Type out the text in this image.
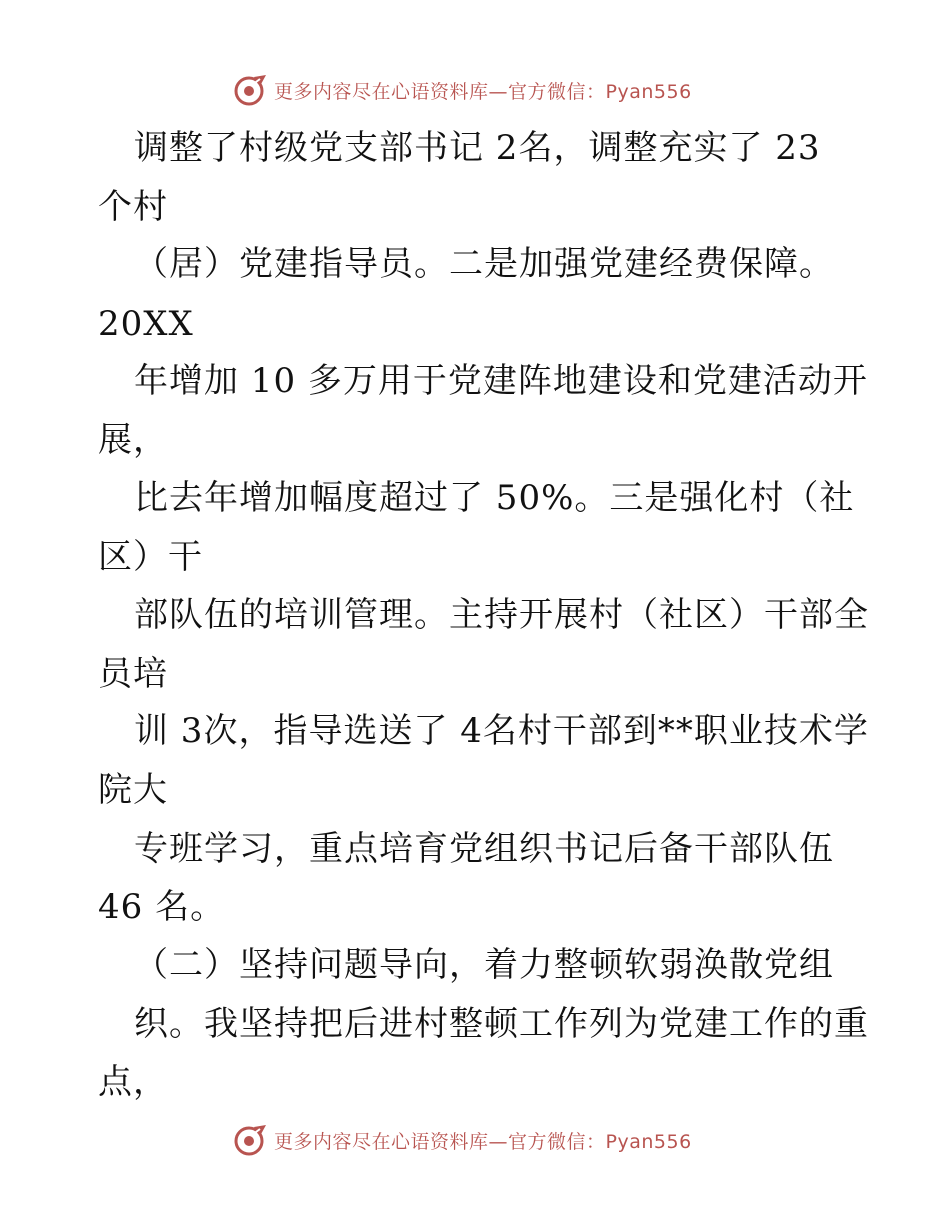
更多内容尽在心语资料库—官方微信：Pyan556
调整了村级党支部书记 2名，调整充实了 23
个村
（居）党建指导员。二是加强党建经费保障。
20XX
年增加 10 多万用于党建阵地建设和党建活动开
展，
比去年增加幅度超过了 50%。三是强化村（社
区）干
部队伍的培训管理。主持开展村（社区）干部全
员培
训 3次，指导选送了 4名村干部到**职业技术学
院大
专班学习，重点培育党组织书记后备干部队伍
46 名。
（二）坚持问题导向，着力整顿软弱涣散党组
织。我坚持把后进村整顿工作列为党建工作的重
点，
更多内容尽在心语资料库—官方微信：Pyan556
